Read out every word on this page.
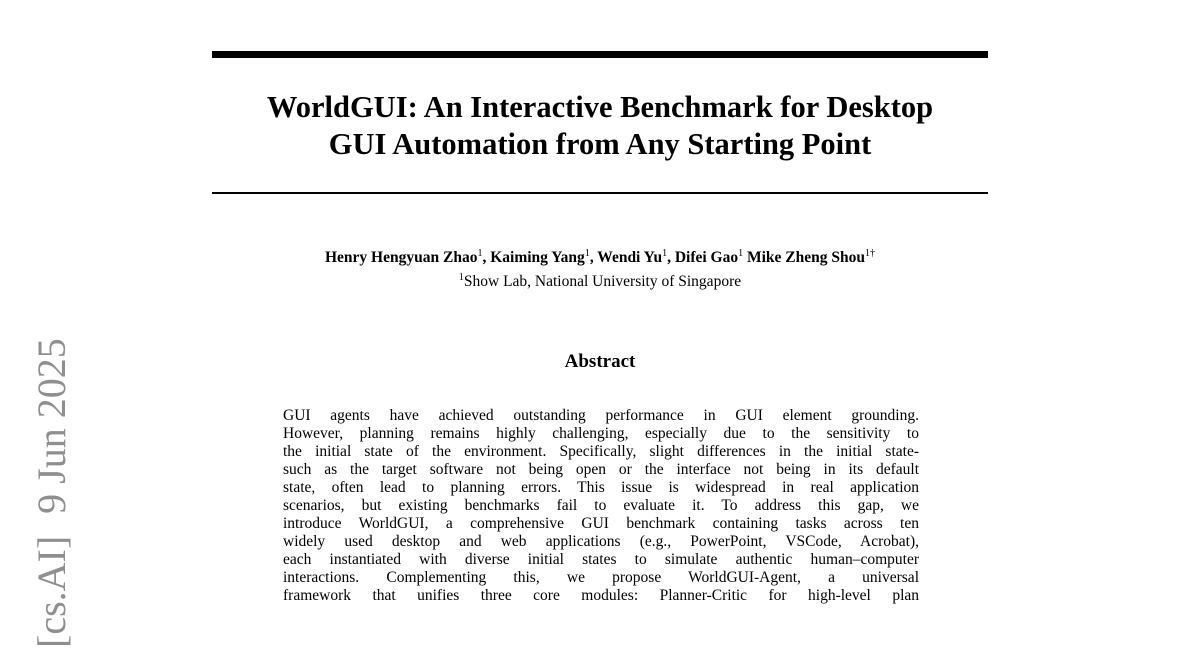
[cs.AI]9 Jun 2025
WorldGUI: An Interactive Benchmark for Desktop
GUI Automation from Any Starting Point
Henry Hengyuan Zhao$^1$, Kaiming Yang$^1$, Wendi Yu$^1$, Difei Gao$^1$ Mike Zheng Shou$^{1\dagger}$
$^1$Show Lab, National University of Singapore
Abstract
GUI agents have achieved outstanding performance in GUI element grounding.
However, planning remains highly challenging, especially due to the sensitivity to
the initial state of the environment. Specifically, slight differences in the initial state-
such as the target software not being open or the interface not being in its default
state, often lead to planning errors. This issue is widespread in real application
scenarios, but existing benchmarks fail to evaluate it. To address this gap, we
introduce WorldGUI, a comprehensive GUI benchmark containing tasks across ten
widely used desktop and web applications (e.g., PowerPoint, VSCode, Acrobat),
each instantiated with diverse initial states to simulate authentic human–computer
interactions. Complementing this, we propose WorldGUI-Agent, a universal
framework that unifies three core modules: Planner-Critic for high-level plan
